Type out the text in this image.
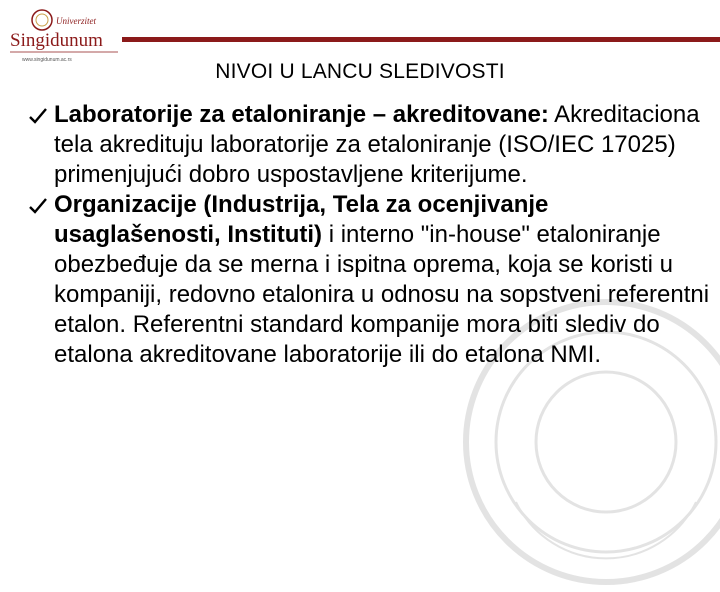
Univerzitet
Singidunum
www.singidunum.ac.rs	NIVOI U LANCU SLEDIVOSTI

Laboratorije za etaloniranje – akreditovane: Akreditaciona tela akredituju laboratorije za etaloniranje (ISO/IEC 17025) primenjujući dobro uspostavljene kriterijume.

Organizacije (Industrija, Tela za ocenjivanje usaglašenosti, Instituti) i interno "in-house" etaloniranje obezbeđuje da se merna i ispitna oprema, koja se koristi u kompaniji, redovno etalonira u odnosu na sopstveni referentni etalon. Referentni standard kompanije mora biti slediv do etalona akreditovane laboratorije ili do etalona NMI.
